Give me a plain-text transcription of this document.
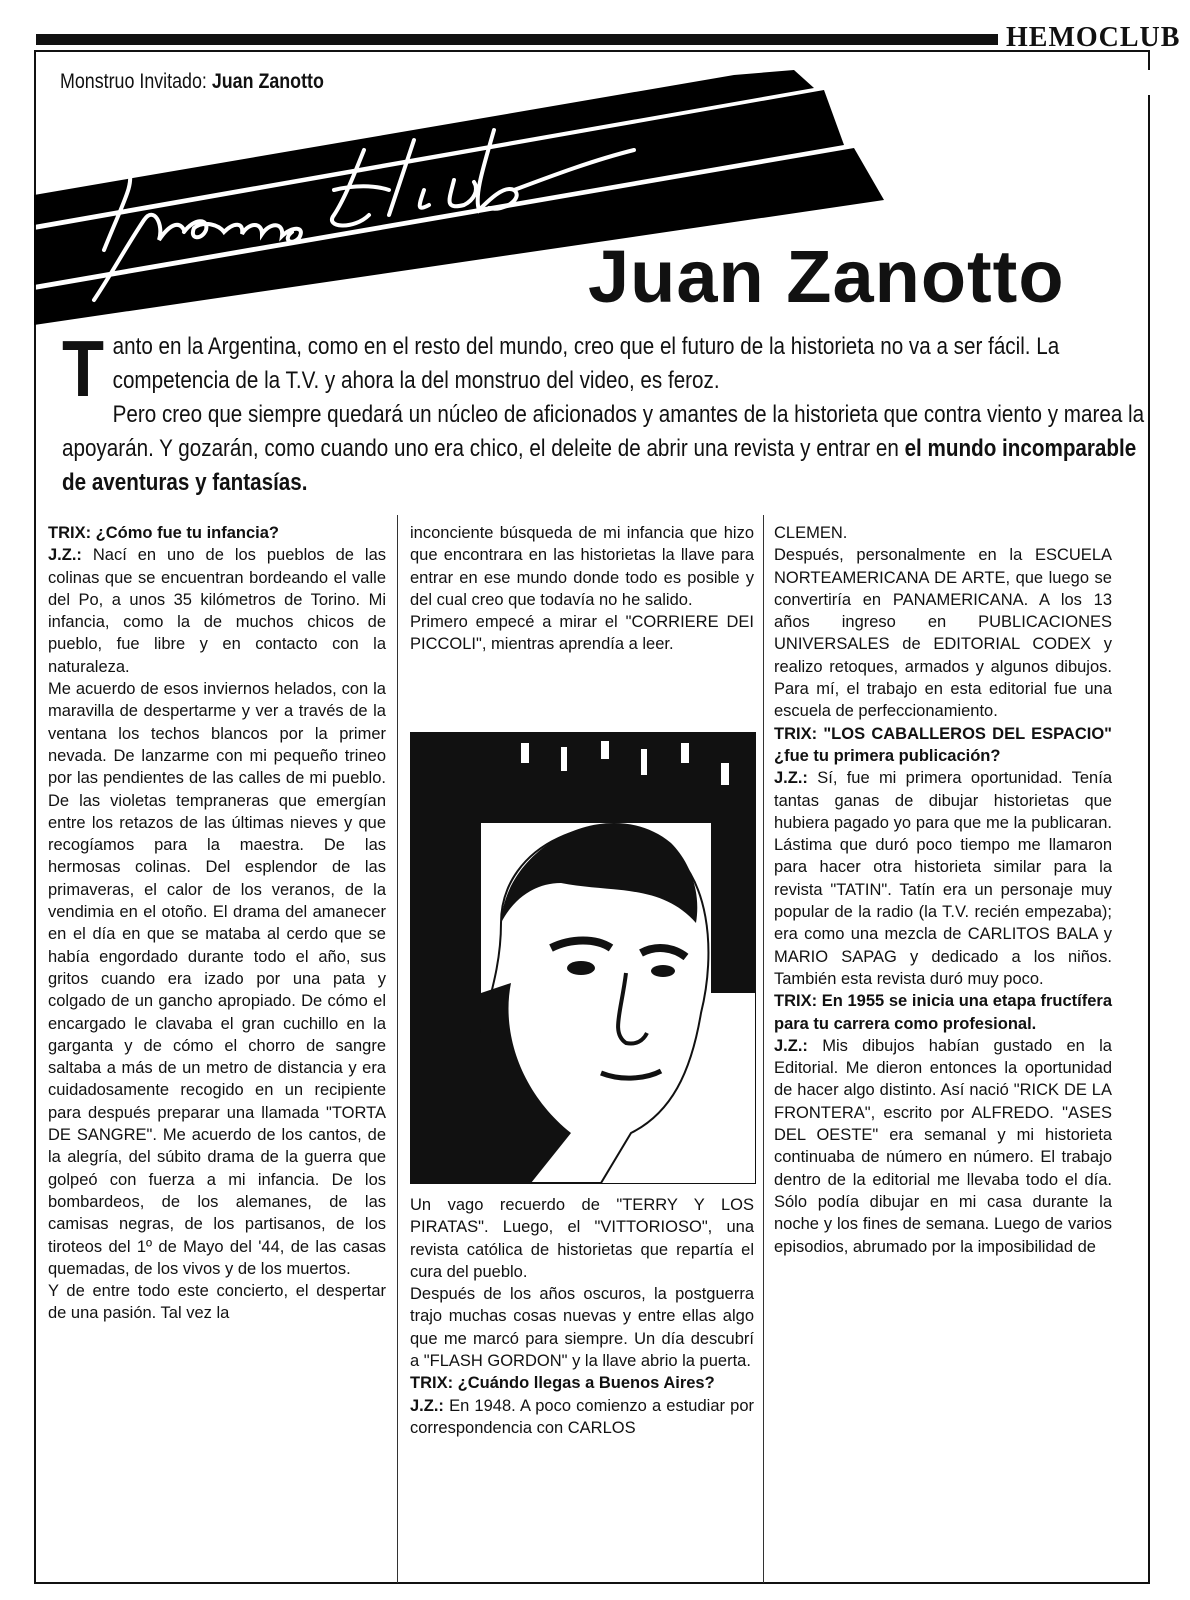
HEMOCLUB
Monstruo Invitado: Juan Zanotto
Juan Zanotto
T anto en la Argentina, como en el resto del mundo, creo que el futuro de la historieta no va a ser fácil. La competencia de la T.V. y ahora la del monstruo del video, es feroz.

Pero creo que siempre quedará un núcleo de aficionados y amantes de la historieta que contra viento y marea la apoyarán. Y gozarán, como cuando uno era chico, el deleite de abrir una revista y entrar en el mundo incomparable de aventuras y fantasías.

TRIX: ¿Cómo fue tu infancia?

J.Z.: Nací en uno de los pueblos de las colinas que se encuentran bordeando el valle del Po, a unos 35 kilómetros de Torino. Mi infancia, como la de muchos chicos de pueblo, fue libre y en contacto con la naturaleza.

Me acuerdo de esos inviernos helados, con la maravilla de despertarme y ver a través de la ventana los techos blancos por la primer nevada. De lanzarme con mi pequeño trineo por las pendientes de las calles de mi pueblo. De las violetas tempraneras que emergían entre los retazos de las últimas nieves y que recogíamos para la maestra. De las hermosas colinas. Del esplendor de las primaveras, el calor de los veranos, de la vendimia en el otoño. El drama del amanecer en el día en que se mataba al cerdo que se había engordado durante todo el año, sus gritos cuando era izado por una pata y colgado de un gancho apropiado. De cómo el encargado le clavaba el gran cuchillo en la garganta y de cómo el chorro de sangre saltaba a más de un metro de distancia y era cuidadosamente recogido en un recipiente para después preparar una llamada "TORTA DE SANGRE". Me acuerdo de los cantos, de la alegría, del súbito drama de la guerra que golpeó con fuerza a mi infancia. De los bombardeos, de los alemanes, de las camisas negras, de los partisanos, de los tiroteos del 1º de Mayo del '44, de las casas quemadas, de los vivos y de los muertos.

Y de entre todo este concierto, el despertar de una pasión. Tal vez la

inconciente búsqueda de mi infancia que hizo que encontrara en las historietas la llave para entrar en ese mundo donde todo es posible y del cual creo que todavía no he salido.

Primero empecé a mirar el "CORRIERE DEI PICCOLI", mientras aprendía a leer.

Un vago recuerdo de "TERRY Y LOS PIRATAS". Luego, el "VITTORIOSO", una revista católica de historietas que repartía el cura del pueblo.

Después de los años oscuros, la postguerra trajo muchas cosas nuevas y entre ellas algo que me marcó para siempre. Un día descubrí a "FLASH GORDON" y la llave abrio la puerta.

TRIX: ¿Cuándo llegas a Buenos Aires?

J.Z.: En 1948. A poco comienzo a estudiar por correspondencia con CARLOS

CLEMEN.

Después, personalmente en la ESCUELA NORTEAMERICANA DE ARTE, que luego se convertiría en PANAMERICANA. A los 13 años ingreso en PUBLICACIONES UNIVERSALES de EDITORIAL CODEX y realizo retoques, armados y algunos dibujos. Para mí, el trabajo en esta editorial fue una escuela de perfeccionamiento.

TRIX: "LOS CABALLEROS DEL ESPACIO" ¿fue tu primera publicación?

J.Z.: Sí, fue mi primera oportunidad. Tenía tantas ganas de dibujar historietas que hubiera pagado yo para que me la publicaran. Lástima que duró poco tiempo me llamaron para hacer otra historieta similar para la revista "TATIN". Tatín era un personaje muy popular de la radio (la T.V. recién empezaba); era como una mezcla de CARLITOS BALA y MARIO SAPAG y dedicado a los niños. También esta revista duró muy poco.

TRIX: En 1955 se inicia una etapa fructífera para tu carrera como profesional.

J.Z.: Mis dibujos habían gustado en la Editorial. Me dieron entonces la oportunidad de hacer algo distinto. Así nació "RICK DE LA FRONTERA", escrito por ALFREDO. "ASES DEL OESTE" era semanal y mi historieta continuaba de número en número. El trabajo dentro de la editorial me llevaba todo el día. Sólo podía dibujar en mi casa durante la noche y los fines de semana. Luego de varios episodios, abrumado por la imposibilidad de
